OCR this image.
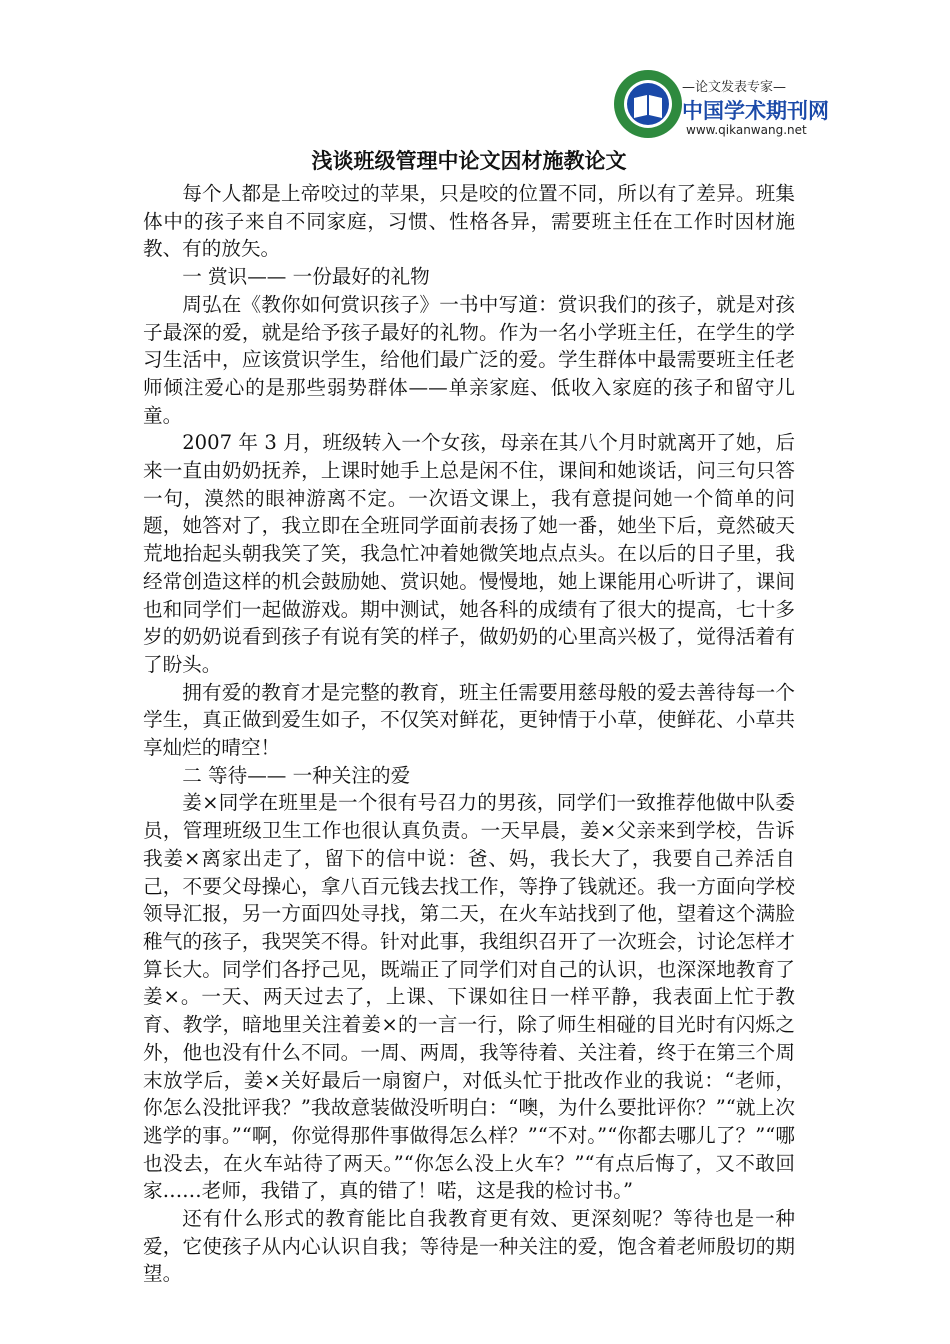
—论文发表专家—
中国学术期刊网
www.qikanwang.net
浅谈班级管理中论文因材施教论文

每个人都是上帝咬过的苹果，只是咬的位置不同，所以有了差异。班集体中的孩子来自不同家庭，习惯、性格各异，需要班主任在工作时因材施教、有的放矢。

一 赏识—— 一份最好的礼物

周弘在《教你如何赏识孩子》一书中写道：赏识我们的孩子，就是对孩子最深的爱，就是给予孩子最好的礼物。作为一名小学班主任，在学生的学习生活中，应该赏识学生，给他们最广泛的爱。学生群体中最需要班主任老师倾注爱心的是那些弱势群体——单亲家庭、低收入家庭的孩子和留守儿童。

2007 年 3 月，班级转入一个女孩，母亲在其八个月时就离开了她，后来一直由奶奶抚养，上课时她手上总是闲不住，课间和她谈话，问三句只答一句，漠然的眼神游离不定。一次语文课上，我有意提问她一个简单的问题，她答对了，我立即在全班同学面前表扬了她一番，她坐下后，竟然破天荒地抬起头朝我笑了笑，我急忙冲着她微笑地点点头。在以后的日子里，我经常创造这样的机会鼓励她、赏识她。慢慢地，她上课能用心听讲了，课间也和同学们一起做游戏。期中测试，她各科的成绩有了很大的提高，七十多岁的奶奶说看到孩子有说有笑的样子，做奶奶的心里高兴极了，觉得活着有了盼头。

拥有爱的教育才是完整的教育，班主任需要用慈母般的爱去善待每一个学生，真正做到爱生如子，不仅笑对鲜花，更钟情于小草，使鲜花、小草共享灿烂的晴空！

二 等待—— 一种关注的爱

姜×同学在班里是一个很有号召力的男孩，同学们一致推荐他做中队委员，管理班级卫生工作也很认真负责。一天早晨，姜×父亲来到学校，告诉我姜×离家出走了，留下的信中说：爸、妈，我长大了，我要自己养活自己，不要父母操心，拿八百元钱去找工作，等挣了钱就还。我一方面向学校领导汇报，另一方面四处寻找，第二天，在火车站找到了他，望着这个满脸稚气的孩子，我哭笑不得。针对此事，我组织召开了一次班会，讨论怎样才算长大。同学们各抒己见，既端正了同学们对自己的认识，也深深地教育了姜×。一天、两天过去了，上课、下课如往日一样平静，我表面上忙于教育、教学，暗地里关注着姜×的一言一行，除了师生相碰的目光时有闪烁之外，他也没有什么不同。一周、两周，我等待着、关注着，终于在第三个周末放学后，姜×关好最后一扇窗户，对低头忙于批改作业的我说：“老师，你怎么没批评我？”我故意装做没听明白：“噢，为什么要批评你？”“就上次逃学的事。”“啊，你觉得那件事做得怎么样？”“不对。”“你都去哪儿了？”“哪也没去，在火车站待了两天。”“你怎么没上火车？”“有点后悔了，又不敢回家……老师，我错了，真的错了！喏，这是我的检讨书。”

还有什么形式的教育能比自我教育更有效、更深刻呢？等待也是一种爱，它使孩子从内心认识自我；等待是一种关注的爱，饱含着老师殷切的期望。
